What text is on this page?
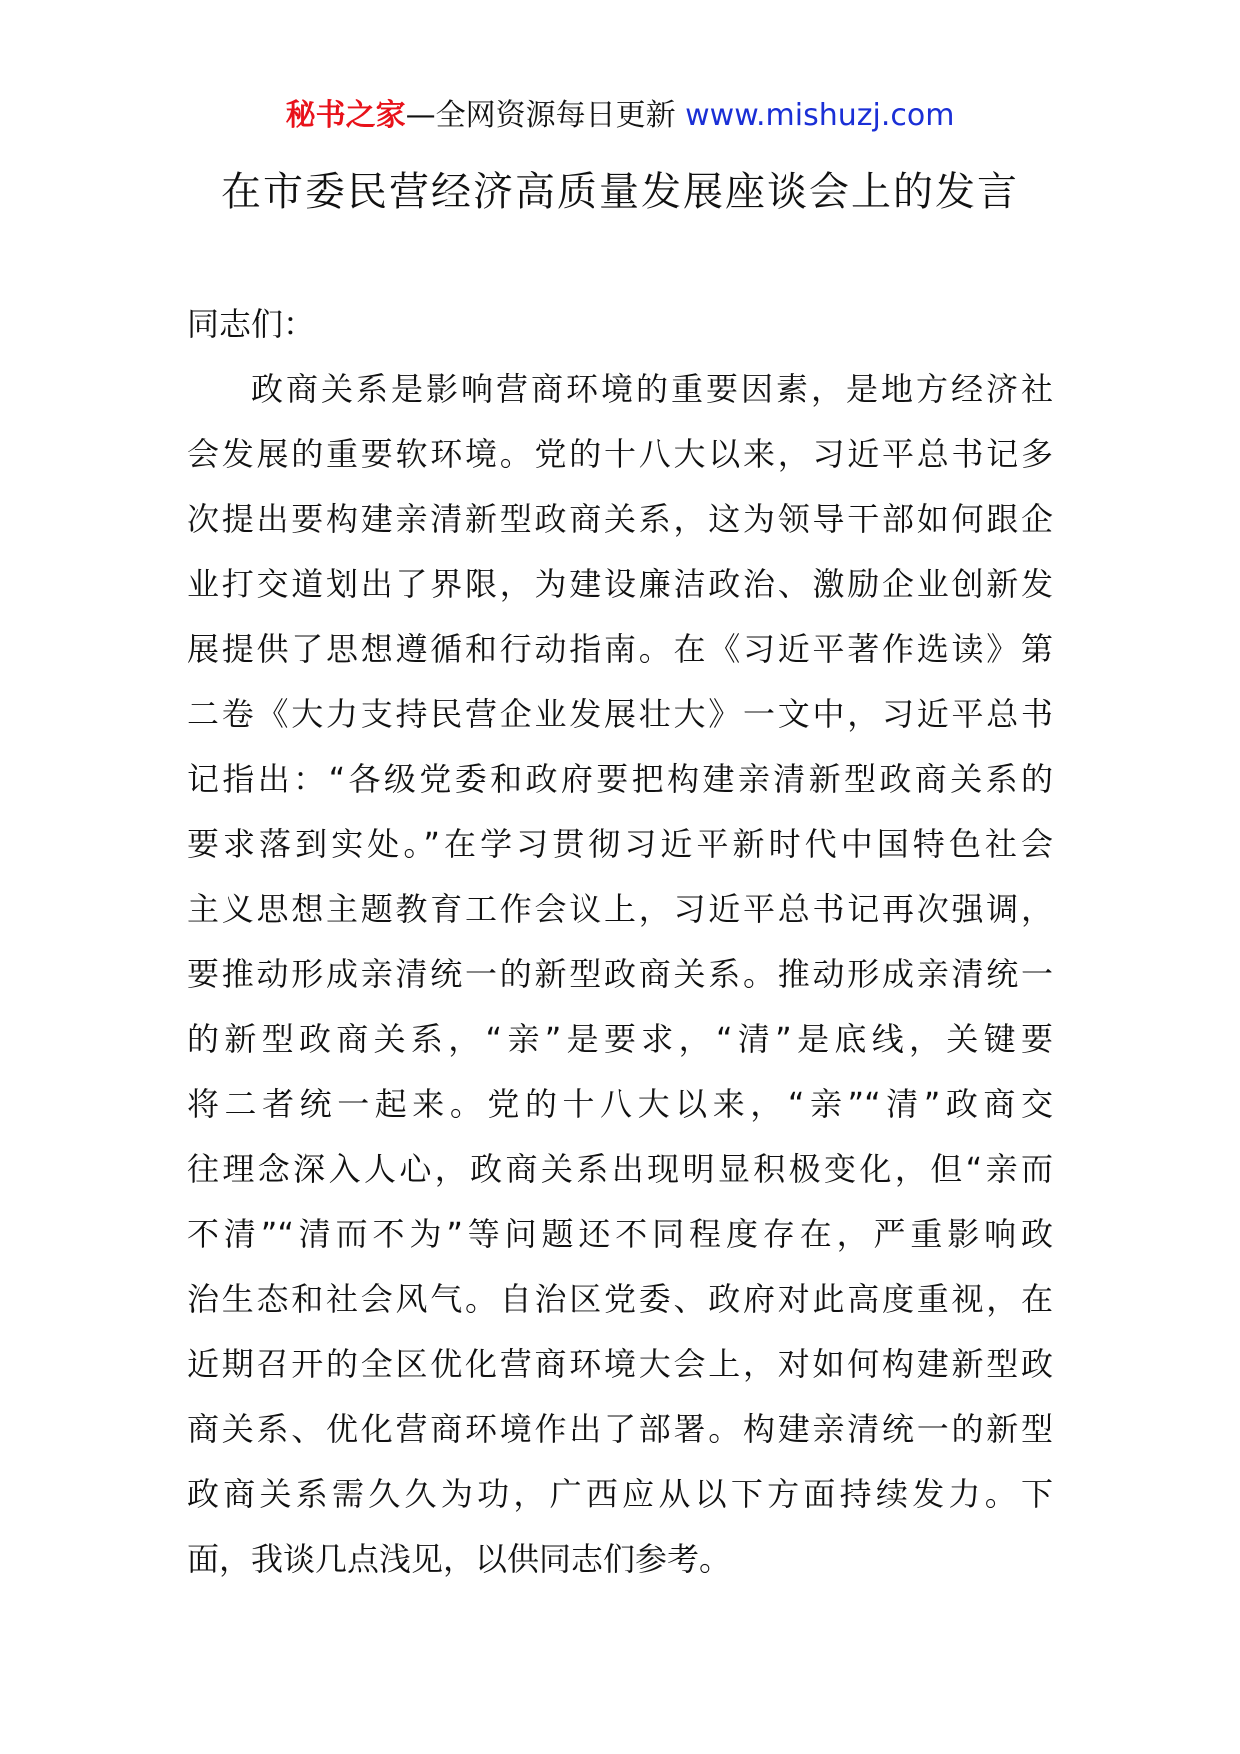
秘书之家—全网资源每日更新 www.mishuzj.com
在市委民营经济高质量发展座谈会上的发言
同志们：
政商关系是影响营商环境的重要因素，是地方经济社
会发展的重要软环境。党的十八大以来，习近平总书记多
次提出要构建亲清新型政商关系，这为领导干部如何跟企
业打交道划出了界限，为建设廉洁政治、激励企业创新发
展提供了思想遵循和行动指南。在《习近平著作选读》第
二卷《大力支持民营企业发展壮大》一文中，习近平总书
记指出：“各级党委和政府要把构建亲清新型政商关系的
要求落到实处。”在学习贯彻习近平新时代中国特色社会
主义思想主题教育工作会议上，习近平总书记再次强调，
要推动形成亲清统一的新型政商关系。推动形成亲清统一
的新型政商关系，“亲”是要求，“清”是底线，关键要
将二者统一起来。党的十八大以来，“亲”“清”政商交
往理念深入人心，政商关系出现明显积极变化，但“亲而
不清”“清而不为”等问题还不同程度存在，严重影响政
治生态和社会风气。自治区党委、政府对此高度重视，在
近期召开的全区优化营商环境大会上，对如何构建新型政
商关系、优化营商环境作出了部署。构建亲清统一的新型
政商关系需久久为功，广西应从以下方面持续发力。下
面，我谈几点浅见，以供同志们参考。
